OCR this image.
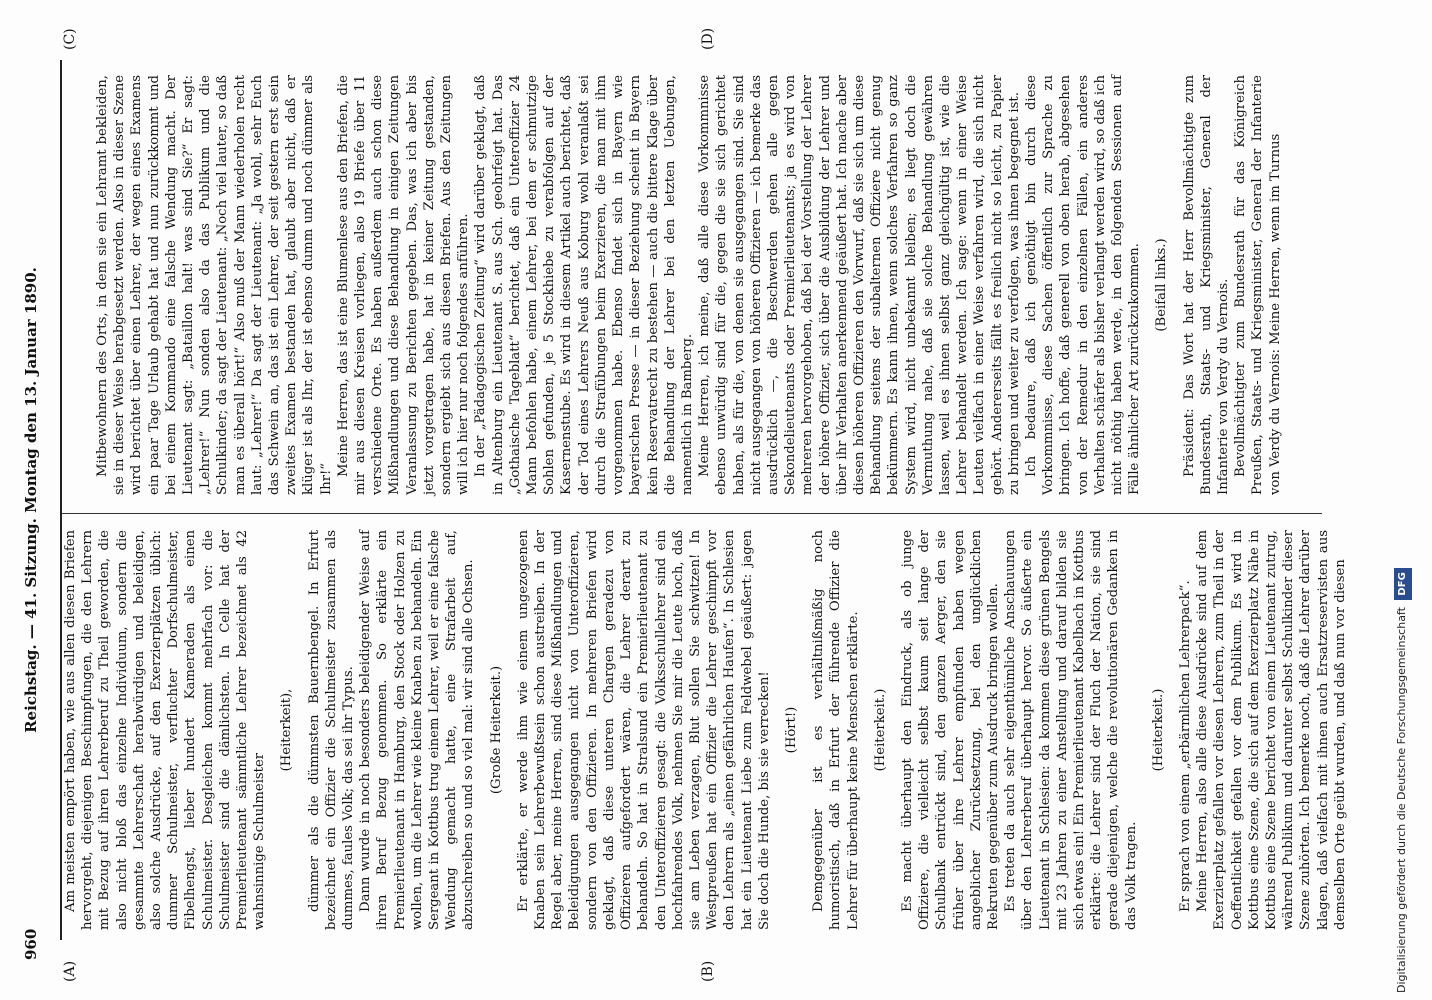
960
Reichstag. — 41. Sitzung. Montag den 13. Januar 1890.
(A)	(B)
(C)	(D)

Am meisten empört haben, wie aus allen diesen Briefen hervorgeht, diejenigen Beschimpfungen, die den Lehrern mit Bezug auf ihren Lehrerberuf zu Theil geworden, die also nicht bloß das einzelne Individuum, sondern die gesammte Lehrerschaft herabwürdigen und beleidigen, also solche Ausdrücke, auf den Exerzierplätzen üblich: dummer Schulmeister, verfluchter Dorfschulmeister, Fibelhengst, lieber hundert Kameraden als einen Schulmeister. Desgleichen kommt mehrfach vor: die Schulmeister sind die dämlichsten. In Celle hat der Premierlieutenant sämmtliche Lehrer bezeichnet als 42 wahnsinnige Schulmeister

(Heiterkeit), dümmer als die dümmsten Bauernbengel. In Erfurt bezeichnet ein Offizier die Schulmeister zusammen als dummes, faules Volk; das sei ihr Typus. Dann wurde in noch besonders beleidigender Weise auf ihren Beruf Bezug genommen. So erklärte ein Premierlieutenant in Hamburg, den Stock oder Holzen zu wollen, um die Lehrer wie kleine Knaben zu behandeln. Ein Sergeant in Kottbus trug einem Lehrer, weil er eine falsche Wendung gemacht hatte, eine Strafarbeit auf, abzuschreiben so und so viel mal: wir sind alle Ochsen. (Große Heiterkeit.) Er erklärte, er werde ihm wie einem ungezogenen Knaben sein Lehrerbewußtsein schon austreiben. In der Regel aber, meine Herren, sind diese Mißhandlungen und Beleidigungen ausgegangen nicht von Unteroffizieren, sondern von den Offizieren. In mehreren Briefen wird geklagt, daß diese unteren Chargen geradezu von Offizieren aufgefordert wären, die Lehrer derart zu behandeln. So hat in Stralsund ein Premierlieutenant zu den Unteroffizieren gesagt: die Volksschullehrer sind ein hochfahrendes Volk, nehmen Sie mir die Leute hoch, daß sie am Leben verzagen, Blut sollen Sie schwitzen! In Westpreußen hat ein Offizier die Lehrer geschimpft vor den Lehrern als „einen gefährlichen Haufen“. In Schlesien hat ein Lieutenant Liebe zum Feldwebel geäußert: jagen Sie doch die Hunde, bis sie verrecken! (Hört!) Demgegenüber ist es verhältnißmäßig noch humoristisch, daß in Erfurt der führende Offizier die Lehrer für überhaupt keine Menschen erklärte. (Heiterkeit.) Es macht überhaupt den Eindruck, als ob junge Offiziere, die vielleicht selbst kaum seit lange der Schulbank entrückt sind, den ganzen Aerger, den sie früher über ihre Lehrer empfunden haben wegen angeblicher Zurücksetzung, bei den unglücklichen Rekruten gegenüber zum Ausdruck bringen wollen. Es treten da auch sehr eigenthümliche Anschauungen über den Lehrerberuf überhaupt hervor. So äußerte ein Lieutenant in Schlesien: da kommen diese grünen Bengels mit 23 Jahren zu einer Anstellung und darauf bilden sie sich etwas ein! Ein Premierlieutenant Kabelbach in Kottbus erklärte: die Lehrer sind der Fluch der Nation, sie sind gerade diejenigen, welche die revolutionären Gedanken in das Volk tragen.

(Heiterkeit.) Er sprach von einem „erbärmlichen Lehrerpack“. Meine Herren, also alle diese Ausdrücke sind auf dem Exerzierplatz gefallen vor diesen Lehrern, zum Theil in der Oeffentlichkeit gefallen vor dem Publikum. Es wird in Kottbus eine Szene, die sich auf dem Exerzierplatz Nähe in Kottbus eine Szene berichtet von einem Lieutenant zutrug, während Publikum und darunter selbst Schulkinder dieser Szene zuhörten. Ich bemerke noch, daß die Lehrer darüber klagen, daß vielfach mit ihnen auch Ersatzreservisten aus demselben Orte geübt wurden, und daß nun vor diesen

Mitbewohnern des Orts, in dem sie ein Lehramt bekleiden, sie in dieser Weise herabgesetzt werden. Also in dieser Szene wird berichtet über einen Lehrer, der wegen eines Examens ein paar Tage Urlaub gehabt hat und nun zurückkommt und bei einem Kommando eine falsche Wendung macht. Der Lieutenant sagt: „Bataillon halt! was sind Sie?“ Er sagt: „Lehrer!“ Nun sonden also da das Publikum und die Schulkinder; da sagt der Lieutenant: „Noch viel lauter, so daß man es überall hört!“ Also muß der Mann wiederholen recht laut: „Lehrer!“ Da sagt der Lieutenant: „Ja wohl, sehr Euch das Schwein an, das ist ein Lehrer, der seit gestern erst sein zweites Examen bestanden hat, glaubt aber nicht, daß er klüger ist als Ihr, der ist ebenso dumm und noch dümmer als Ihr!“

Meine Herren, das ist eine Blumenlese aus den Briefen, die mir aus diesen Kreisen vorliegen, also 19 Briefe über 11 verschiedene Orte. Es haben außerdem auch schon diese Mißhandlungen und diese Behandlung in einigen Zeitungen Veranlassung zu Berichten gegeben. Das, was ich aber bis jetzt vorgetragen habe, hat in keiner Zeitung gestanden, sondern ergiebt sich aus diesen Briefen. Aus den Zeitungen will ich hier nur noch folgendes anführen. In der „Pädagogischen Zeitung“ wird darüber geklagt, daß in Altenburg ein Lieutenant S. aus Sch. geohrfeigt hat. Das „Gothaische Tageblatt“ berichtet, daß ein Unteroffizier 24 Mann befohlen habe, einem Lehrer, bei dem er schmutzige Sohlen gefunden, je 5 Stockhiebe zu verabfolgen auf der Kasernenstube. Es wird in diesem Artikel auch berichtet, daß der Tod eines Lehrers Neuß aus Koburg wohl veranlaßt sei durch die Strafübungen beim Exerzieren, die man mit ihm vorgenommen habe. Ebenso findet sich in Bayern wie bayerischen Presse — in dieser Beziehung scheint in Bayern kein Reservatrecht zu bestehen — auch die bittere Klage über die Behandlung der Lehrer bei den letzten Uebungen, namentlich in Bamberg. Meine Herren, ich meine, daß alle diese Vorkommnisse ebenso unwürdig sind für die, gegen die sie sich gerichtet haben, als für die, von denen sie ausgegangen sind. Sie sind nicht ausgegangen von höheren Offizieren — ich bemerke das ausdrücklich —, die Beschwerden gehen alle gegen Sekondelieutenants oder Premierlieutenants; ja es wird von mehreren hervorgehoben, daß bei der Vorstellung der Lehrer der höhere Offizier, sich über die Ausbildung der Lehrer und über ihr Verhalten anerkennend geäußert hat. Ich mache aber diesen höheren Offizieren den Vorwurf, daß sie sich um diese Behandlung seitens der subalternen Offiziere nicht genug bekümmern. Es kann ihnen, wenn solches Verfahren so ganz System wird, nicht unbekannt bleiben; es liegt doch die Vermuthung nahe, daß sie solche Behandlung gewähren lassen, weil es ihnen selbst ganz gleichgültig ist, wie die Lehrer behandelt werden. Ich sage: wenn in einer Weise Leuten vielfach in einer Weise verfahren wird, die sich nicht gehört. Andererseits fällt es freilich nicht so leicht, zu Papier zu bringen und weiter zu verfolgen, was ihnen begegnet ist. Ich bedaure, daß ich genöthigt bin durch diese Vorkommnisse, diese Sachen öffentlich zur Sprache zu bringen. Ich hoffe, daß generell von oben herab, abgesehen von der Remedur in den einzelnen Fällen, ein anderes Verhalten schärfer als bisher verlangt werden wird, so daß ich nicht nöthig haben werde, in den folgenden Sessionen auf Fälle ähnlicher Art zurückzukommen. (Beifall links.) Präsident: Das Wort hat der Herr Bevollmächtigte zum Bundesrath, Staats- und Kriegsminister, General der Infanterie von Verdy du Vernois. Bevollmächtigter zum Bundesrath für das Königreich Preußen, Staats- und Kriegsminister, General der Infanterie von Verdy du Vernois: Meine Herren, wenn im Turnus

Digitalisierung gefördert durch die Deutsche Forschungsgemeinschaft DFG
